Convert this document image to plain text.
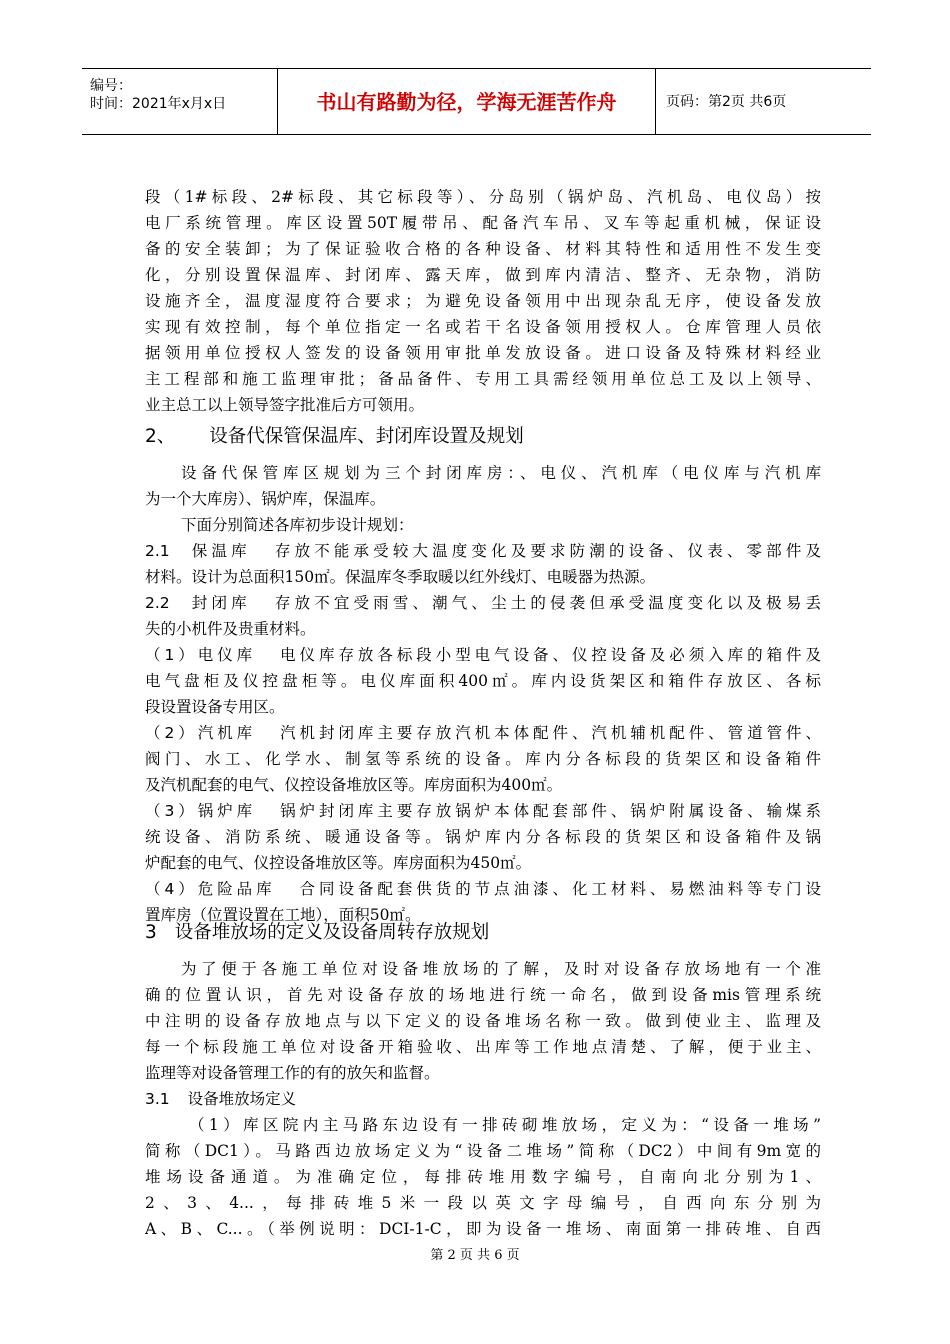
编号：
时间：2021年x月x日	书山有路勤为径，学海无涯苦作舟	页码：第2页 共6页
段（1#标段、2#标段、其它标段等）、分岛别（锅炉岛、汽机岛、电仪岛）按
电厂系统管理。库区设置50T履带吊、配备汽车吊、叉车等起重机械，保证设
备的安全装卸；为了保证验收合格的各种设备、材料其特性和适用性不发生变
化，分别设置保温库、封闭库、露天库，做到库内清洁、整齐、无杂物，消防
设施齐全，温度湿度符合要求；为避免设备领用中出现杂乱无序，使设备发放
实现有效控制，每个单位指定一名或若干名设备领用授权人。仓库管理人员依
据领用单位授权人签发的设备领用审批单发放设备。进口设备及特殊材料经业
主工程部和施工监理审批；备品备件、专用工具需经领用单位总工及以上领导、
业主总工以上领导签字批准后方可领用。
2、 设备代保管保温库、封闭库设置及规划
设备代保管库区规划为三个封闭库房：、电仪、汽机库（电仪库与汽机库
为一个大库房）、锅炉库，保温库。
下面分别简述各库初步设计规划：
2.1 保温库 存放不能承受较大温度变化及要求防潮的设备、仪表、零部件及
材料。设计为总面积150㎡。保温库冬季取暖以红外线灯、电暖器为热源。
2.2 封闭库 存放不宜受雨雪、潮气、尘土的侵袭但承受温度变化以及极易丢
失的小机件及贵重材料。
（1）电仪库 电仪库存放各标段小型电气设备、仪控设备及必须入库的箱件及
电气盘柜及仪控盘柜等。电仪库面积400㎡。库内设货架区和箱件存放区、各标
段设置设备专用区。
（2）汽机库 汽机封闭库主要存放汽机本体配件、汽机辅机配件、管道管件、
阀门、水工、化学水、制氢等系统的设备。库内分各标段的货架区和设备箱件
及汽机配套的电气、仪控设备堆放区等。库房面积为400㎡。
（3）锅炉库 锅炉封闭库主要存放锅炉本体配套部件、锅炉附属设备、输煤系
统设备、消防系统、暖通设备等。锅炉库内分各标段的货架区和设备箱件及锅
炉配套的电气、仪控设备堆放区等。库房面积为450㎡。
（4）危险品库 合同设备配套供货的节点油漆、化工材料、易燃油料等专门设
置库房（位置设置在工地），面积50㎡。
3 设备堆放场的定义及设备周转存放规划
为了便于各施工单位对设备堆放场的了解，及时对设备存放场地有一个准
确的位置认识，首先对设备存放的场地进行统一命名，做到设备mis管理系统
中注明的设备存放地点与以下定义的设备堆场名称一致。做到使业主、监理及
每一个标段施工单位对设备开箱验收、出库等工作地点清楚、了解，便于业主、
监理等对设备管理工作的有的放矢和监督。
3.1 设备堆放场定义
（1）库区院内主马路东边设有一排砖砌堆放场，定义为：“设备一堆场”
简称（DC1）。马路西边放场定义为“设备二堆场”简称（DC2）中间有9m宽的
堆场设备通道。为准确定位，每排砖堆用数字编号，自南向北分别为1、
2、3、4...，每排砖堆5米一段以英文字母编号，自西向东分别为
A、B、C...。（举例说明：DCI-1-C，即为设备一堆场、南面第一排砖堆、自西
第 2 页 共 6 页
